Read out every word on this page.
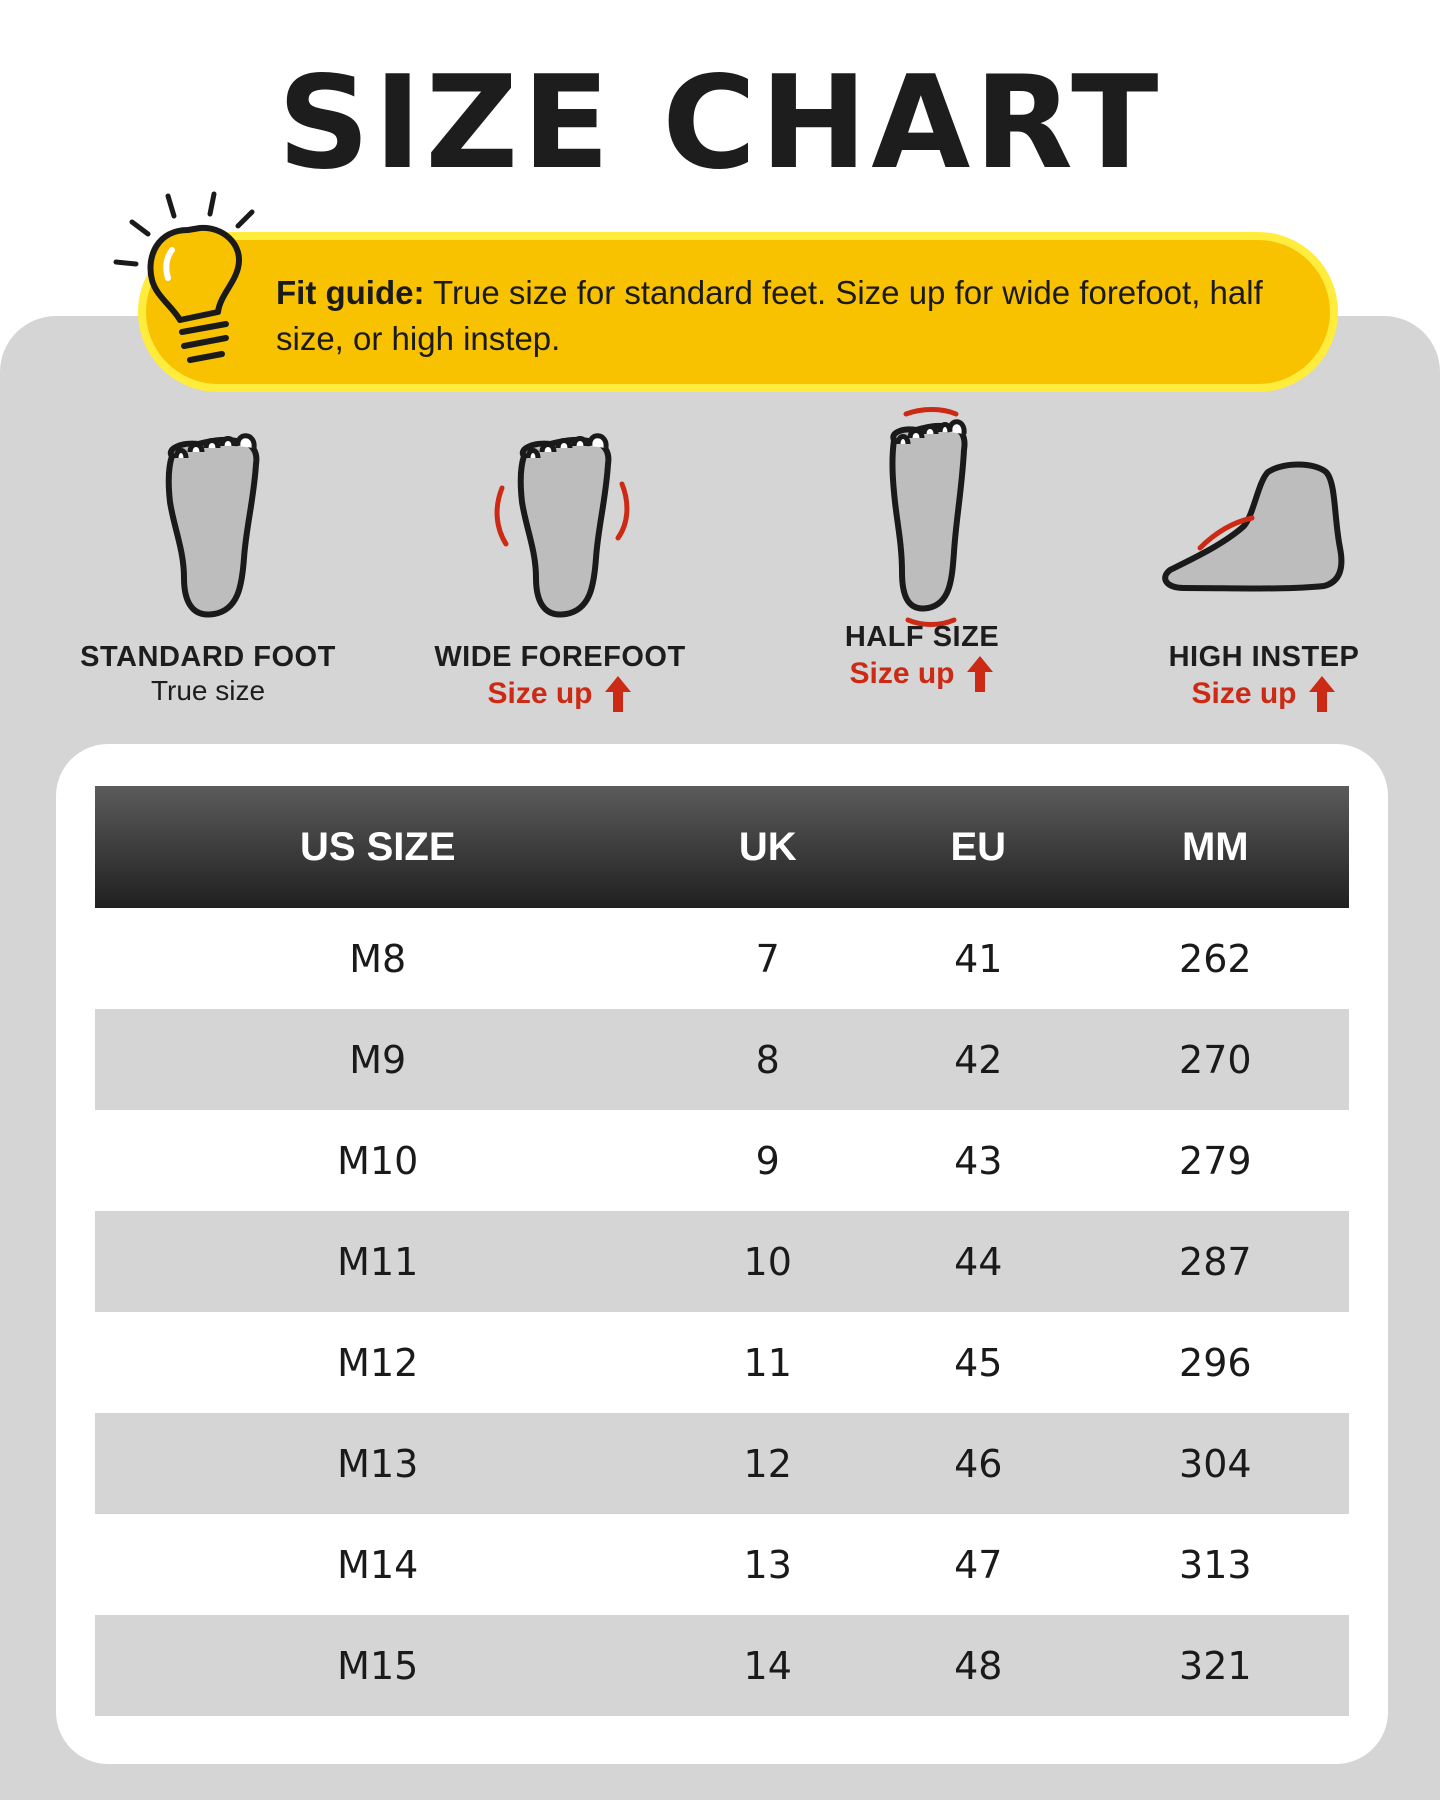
SIZE CHART
Fit guide: True size for standard feet. Size up for wide forefoot, half size, or high instep.
STANDARD FOOT
True size
WIDE FOREFOOT
Size up
HALF SIZE
Size up	HIGH INSTEP
Size up
US SIZE	UK	EU	MM
M8	7	41	262
M9	8	42	270
M10	9	43	279
M11	10	44	287
M12	11	45	296
M13	12	46	304
M14	13	47	313
M15	14	48	321
